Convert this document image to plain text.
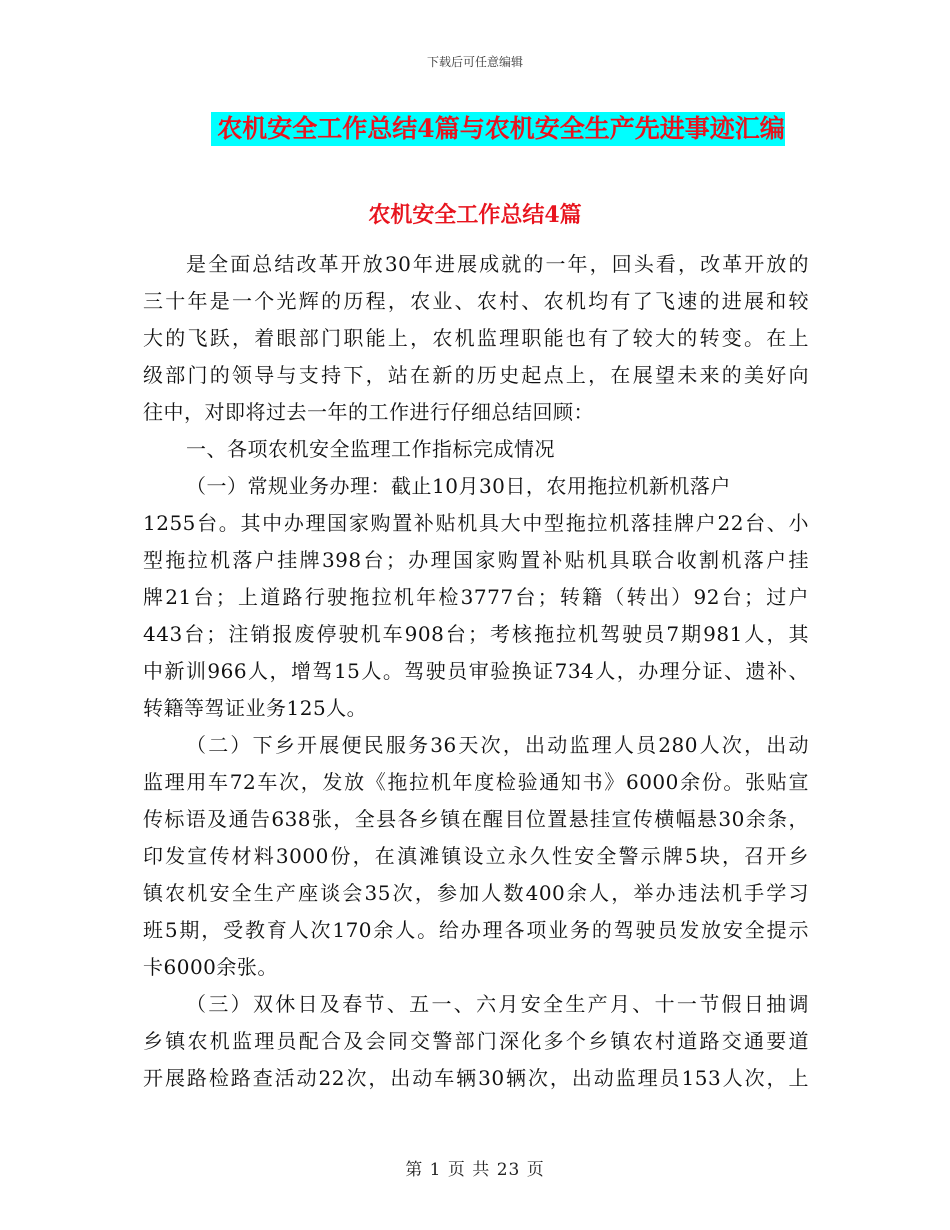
下载后可任意编辑
农机安全工作总结4篇与农机安全生产先进事迹汇编
农机安全工作总结4篇
是全面总结改革开放30年进展成就的一年，回头看，改革开放的
三十年是一个光辉的历程，农业、农村、农机均有了飞速的进展和较
大的飞跃，着眼部门职能上，农机监理职能也有了较大的转变。在上
级部门的领导与支持下，站在新的历史起点上，在展望未来的美好向
往中，对即将过去一年的工作进行仔细总结回顾：
一、各项农机安全监理工作指标完成情况
（一）常规业务办理：截止10月30日，农用拖拉机新机落户
1255台。其中办理国家购置补贴机具大中型拖拉机落挂牌户22台、小
型拖拉机落户挂牌398台；办理国家购置补贴机具联合收割机落户挂
牌21台；上道路行驶拖拉机年检3777台；转籍（转出）92台；过户
443台；注销报废停驶机车908台；考核拖拉机驾驶员7期981人，其
中新训966人，增驾15人。驾驶员审验换证734人，办理分证、遗补、
转籍等驾证业务125人。
（二）下乡开展便民服务36天次，出动监理人员280人次，出动
监理用车72车次，发放《拖拉机年度检验通知书》6000余份。张贴宣
传标语及通告638张，全县各乡镇在醒目位置悬挂宣传横幅悬30余条，
印发宣传材料3000份，在滇滩镇设立永久性安全警示牌5块，召开乡
镇农机安全生产座谈会35次，参加人数400余人，举办违法机手学习
班5期，受教育人次170余人。给办理各项业务的驾驶员发放安全提示
卡6000余张。
（三）双休日及春节、五一、六月安全生产月、十一节假日抽调
乡镇农机监理员配合及会同交警部门深化多个乡镇农村道路交通要道
开展路检路查活动22次，出动车辆30辆次，出动监理员153人次，上
第 1 页 共 23 页
